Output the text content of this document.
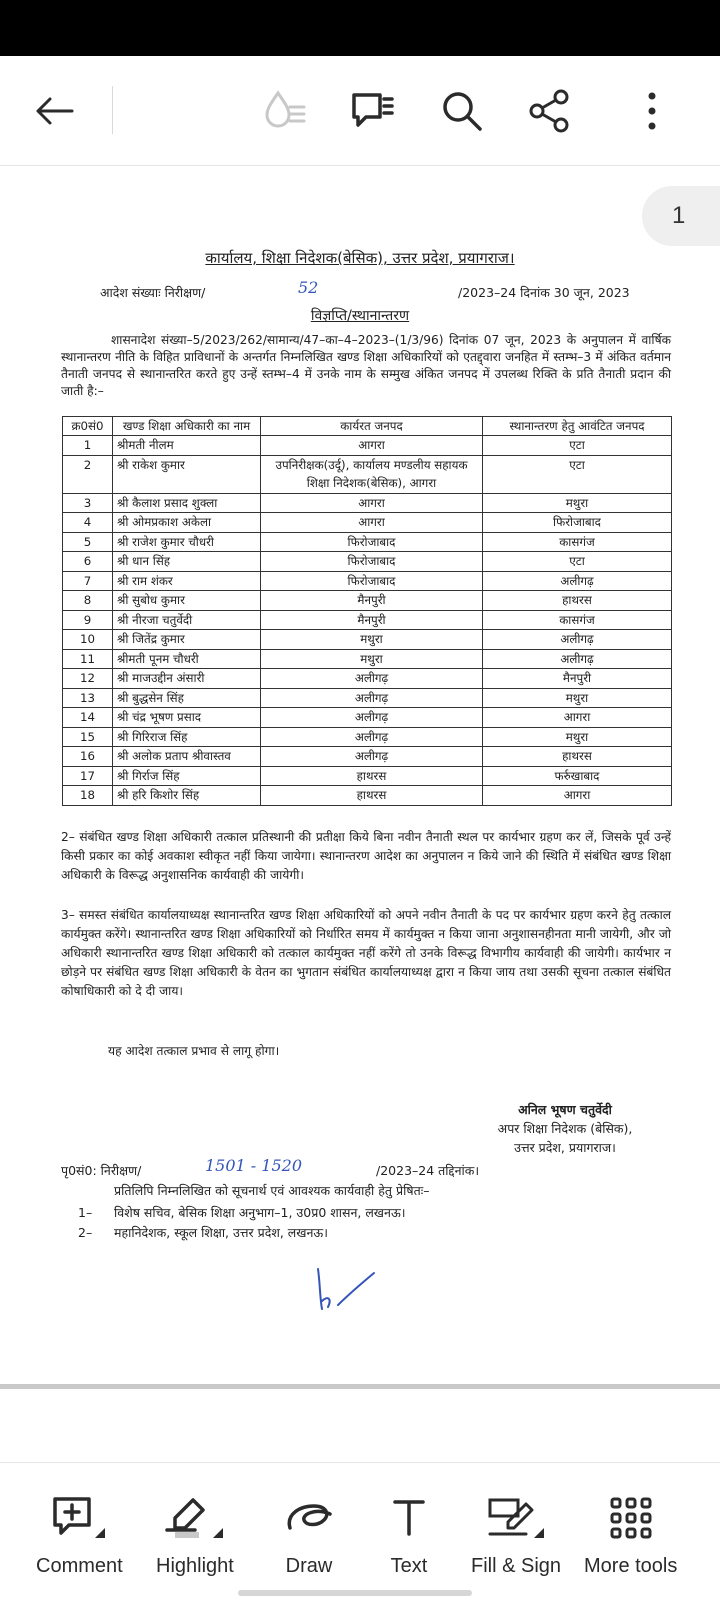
कार्यालय, शिक्षा निदेशक(बेसिक), उत्तर प्रदेश, प्रयागराज।
आदेश संख्याः निरीक्षण/	52	/2023–24 दिनांक 30 जून, 2023
विज्ञप्ति/स्थानान्तरण
शासनादेश संख्या–5/2023/262/सामान्य/47–का–4–2023–(1/3/96) दिनांक 07 जून, 2023 के अनुपालन में वार्षिक स्थानान्तरण नीति के विहित प्राविधानों के अन्तर्गत निम्नलिखित खण्ड शिक्षा अधिकारियों को एतद्द्वारा जनहित में स्तम्भ–3 में अंकित वर्तमान तैनाती जनपद से स्थानान्तरित करते हुए उन्हें स्तम्भ–4 में उनके नाम के सम्मुख अंकित जनपद में उपलब्ध रिक्ति के प्रति तैनाती प्रदान की जाती है:–
क्र0सं0	खण्ड शिक्षा अधिकारी का नाम	कार्यरत जनपद	स्थानान्तरण हेतु आवंटित जनपद
1	श्रीमती नीलम	आगरा	एटा
2	श्री राकेश कुमार	उपनिरीक्षक(उर्दू), कार्यालय मण्डलीय सहायक शिक्षा निदेशक(बेसिक), आगरा	एटा
3	श्री कैलाश प्रसाद शुक्ला	आगरा	मथुरा
4	श्री ओमप्रकाश अकेला	आगरा	फिरोजाबाद
5	श्री राजेश कुमार चौधरी	फिरोजाबाद	कासगंज
6	श्री धान सिंह	फिरोजाबाद	एटा
7	श्री राम शंकर	फिरोजाबाद	अलीगढ़
8	श्री सुबोध कुमार	मैनपुरी	हाथरस
9	श्री नीरजा चतुर्वेदी	मैनपुरी	कासगंज
10	श्री जितेंद्र कुमार	मथुरा	अलीगढ़
11	श्रीमती पूनम चौधरी	मथुरा	अलीगढ़
12	श्री माजउद्दीन अंसारी	अलीगढ़	मैनपुरी
13	श्री बुद्धसेन सिंह	अलीगढ़	मथुरा
14	श्री चंद्र भूषण प्रसाद	अलीगढ़	आगरा
15	श्री गिरिराज सिंह	अलीगढ़	मथुरा
16	श्री अलोक प्रताप श्रीवास्तव	अलीगढ़	हाथरस
17	श्री गिर्राज सिंह	हाथरस	फर्रुखाबाद
18	श्री हरि किशोर सिंह	हाथरस	आगरा
2– संबंधित खण्ड शिक्षा अधिकारी तत्काल प्रतिस्थानी की प्रतीक्षा किये बिना नवीन तैनाती स्थल पर कार्यभार ग्रहण कर लें, जिसके पूर्व उन्हें किसी प्रकार का कोई अवकाश स्वीकृत नहीं किया जायेगा। स्थानान्तरण आदेश का अनुपालन न किये जाने की स्थिति में संबंधित खण्ड शिक्षा अधिकारी के विरूद्ध अनुशासनिक कार्यवाही की जायेगी।
3– समस्त संबंधित कार्यालयाध्यक्ष स्थानान्तरित खण्ड शिक्षा अधिकारियों को अपने नवीन तैनाती के पद पर कार्यभार ग्रहण करने हेतु तत्काल कार्यमुक्त करेंगे। स्थानान्तरित खण्ड शिक्षा अधिकारियों को निर्धारित समय में कार्यमुक्त न किया जाना अनुशासनहीनता मानी जायेगी, और जो अधिकारी स्थानान्तरित खण्ड शिक्षा अधिकारी को तत्काल कार्यमुक्त नहीं करेंगे तो उनके विरूद्ध विभागीय कार्यवाही की जायेगी। कार्यभार न छोड़ने पर संबंधित खण्ड शिक्षा अधिकारी के वेतन का भुगतान संबंधित कार्यालयाध्यक्ष द्वारा न किया जाय तथा उसकी सूचना तत्काल संबंधित कोषाधिकारी को दे दी जाय।
यह आदेश तत्काल प्रभाव से लागू होगा।
अनिल भूषण चतुर्वेदी
अपर शिक्षा निदेशक (बेसिक),
उत्तर प्रदेश, प्रयागराज।
पृ0सं0: निरीक्षण/	1501 - 1520	/2023–24 तद्दिनांक।
प्रतिलिपि निम्नलिखित को सूचनार्थ एवं आवश्यक कार्यवाही हेतु प्रेषितः–
1– विशेष सचिव, बेसिक शिक्षा अनुभाग–1, उ0प्र0 शासन, लखनऊ।
2– महानिदेशक, स्कूल शिक्षा, उत्तर प्रदेश, लखनऊ।
1
Comment Highlight	Draw	Text Fill & Sign More tools
